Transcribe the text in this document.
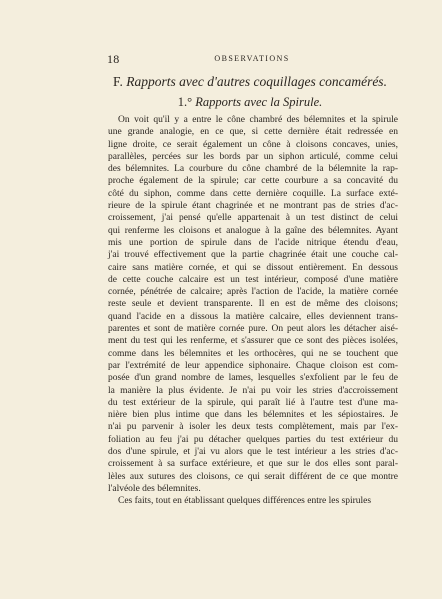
18	OBSERVATIONS
F. Rapports avec d'autres coquillages concamérés.
1.° Rapports avec la Spirule.
On voit qu'il y a entre le cône chambré des bélemnites et la spirule
une grande analogie, en ce que, si cette dernière était redressée en
ligne droite, ce serait également un cône à cloisons concaves, unies,
parallèles, percées sur les bords par un siphon articulé, comme celui
des bélemnites. La courbure du cône chambré de la bélemnite la rap-
proche également de la spirule; car cette courbure a sa concavité du
côté du siphon, comme dans cette dernière coquille. La surface exté-
rieure de la spirule étant chagrinée et ne montrant pas de stries d'ac-
croissement, j'ai pensé qu'elle appartenait à un test distinct de celui
qui renferme les cloisons et analogue à la gaîne des bélemnites. Ayant
mis une portion de spirule dans de l'acide nitrique étendu d'eau,
j'ai trouvé effectivement que la partie chagrinée était une couche cal-
caire sans matière cornée, et qui se dissout entièrement. En dessous
de cette couche calcaire est un test intérieur, composé d'une matière
cornée, pénétrée de calcaire; après l'action de l'acide, la matière cornée
reste seule et devient transparente. Il en est de même des cloisons;
quand l'acide en a dissous la matière calcaire, elles deviennent trans-
parentes et sont de matière cornée pure. On peut alors les détacher aisé-
ment du test qui les renferme, et s'assurer que ce sont des pièces isolées,
comme dans les bélemnites et les orthocères, qui ne se touchent que
par l'extrémité de leur appendice siphonaire. Chaque cloison est com-
posée d'un grand nombre de lames, lesquelles s'exfolient par le feu de
la manière la plus évidente. Je n'ai pu voir les stries d'accroissement
du test extérieur de la spirule, qui paraît lié à l'autre test d'une ma-
nière bien plus intime que dans les bélemnites et les sépiostaires. Je
n'ai pu parvenir à isoler les deux tests complètement, mais par l'ex-
foliation au feu j'ai pu détacher quelques parties du test extérieur du
dos d'une spirule, et j'ai vu alors que le test intérieur a les stries d'ac-
croissement à sa surface extérieure, et que sur le dos elles sont paral-
lèles aux sutures des cloisons, ce qui serait différent de ce que montre
l'alvéole des bélemnites.
Ces faits, tout en établissant quelques différences entre les spirules
